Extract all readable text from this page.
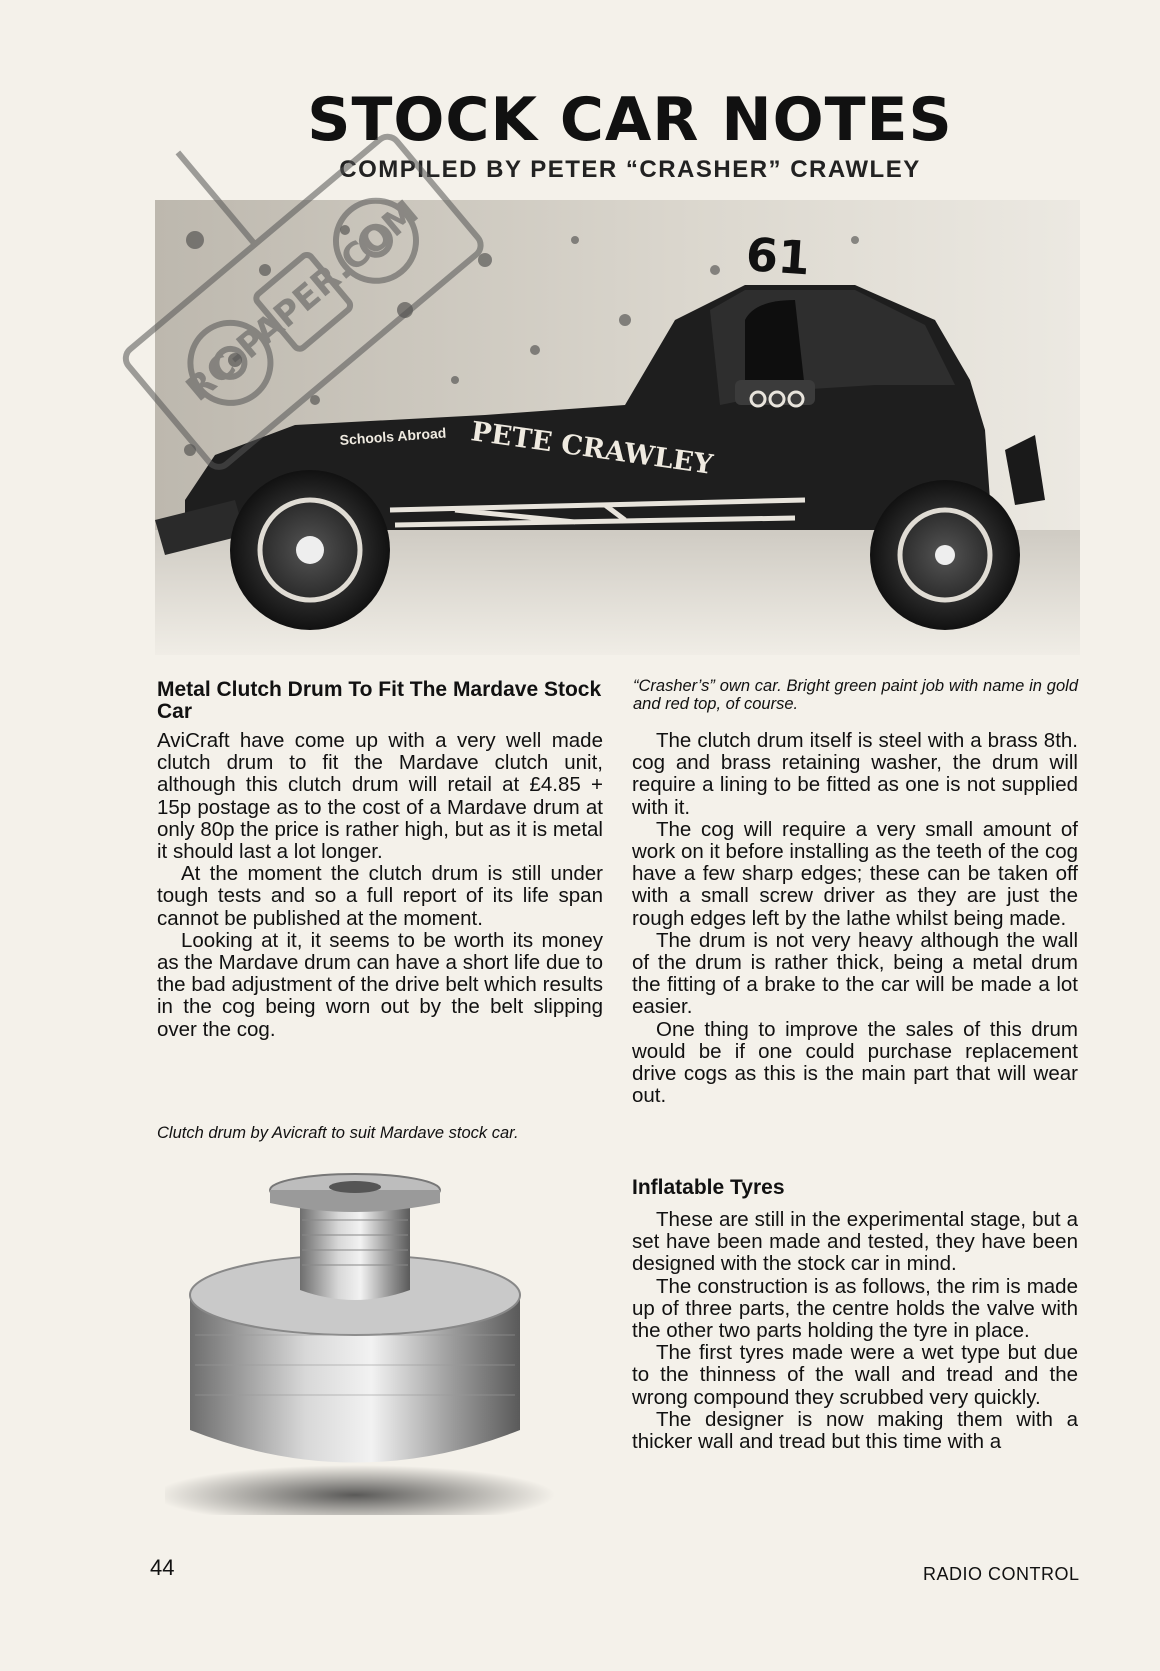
STOCK CAR NOTES
COMPILED BY PETER “CRASHER” CRAWLEY
PETE CRAWLEY
Schools Abroad
61
RC-PAPER.COM
Metal Clutch Drum To Fit The Mardave Stock Car

AviCraft have come up with a very well made clutch drum to fit the Mardave clutch unit, although this clutch drum will retail at £4.85 + 15p postage as to the cost of a Mardave drum at only 80p the price is rather high, but as it is metal it should last a lot longer.

At the moment the clutch drum is still under tough tests and so a full report of its life span cannot be published at the moment.

Looking at it, it seems to be worth its money as the Mardave drum can have a short life due to the bad adjustment of the drive belt which results in the cog being worn out by the belt slipping over the cog.

Clutch drum by Avicraft to suit Mardave stock car.

“Crasher’s” own car. Bright green paint job with name in gold and red top, of course.

The clutch drum itself is steel with a brass 8th. cog and brass retaining washer, the drum will require a lining to be fitted as one is not supplied with it.

The cog will require a very small amount of work on it before installing as the teeth of the cog have a few sharp edges; these can be taken off with a small screw driver as they are just the rough edges left by the lathe whilst being made.

The drum is not very heavy although the wall of the drum is rather thick, being a metal drum the fitting of a brake to the car will be made a lot easier.

One thing to improve the sales of this drum would be if one could purchase replacement drive cogs as this is the main part that will wear out.

Inflatable Tyres

These are still in the experimental stage, but a set have been made and tested, they have been designed with the stock car in mind.

The construction is as follows, the rim is made up of three parts, the centre holds the valve with the other two parts holding the tyre in place.

The first tyres made were a wet type but due to the thinness of the wall and tread and the wrong compound they scrubbed very quickly.

The designer is now making them with a thicker wall and tread but this time with a

44	RADIO CONTROL
